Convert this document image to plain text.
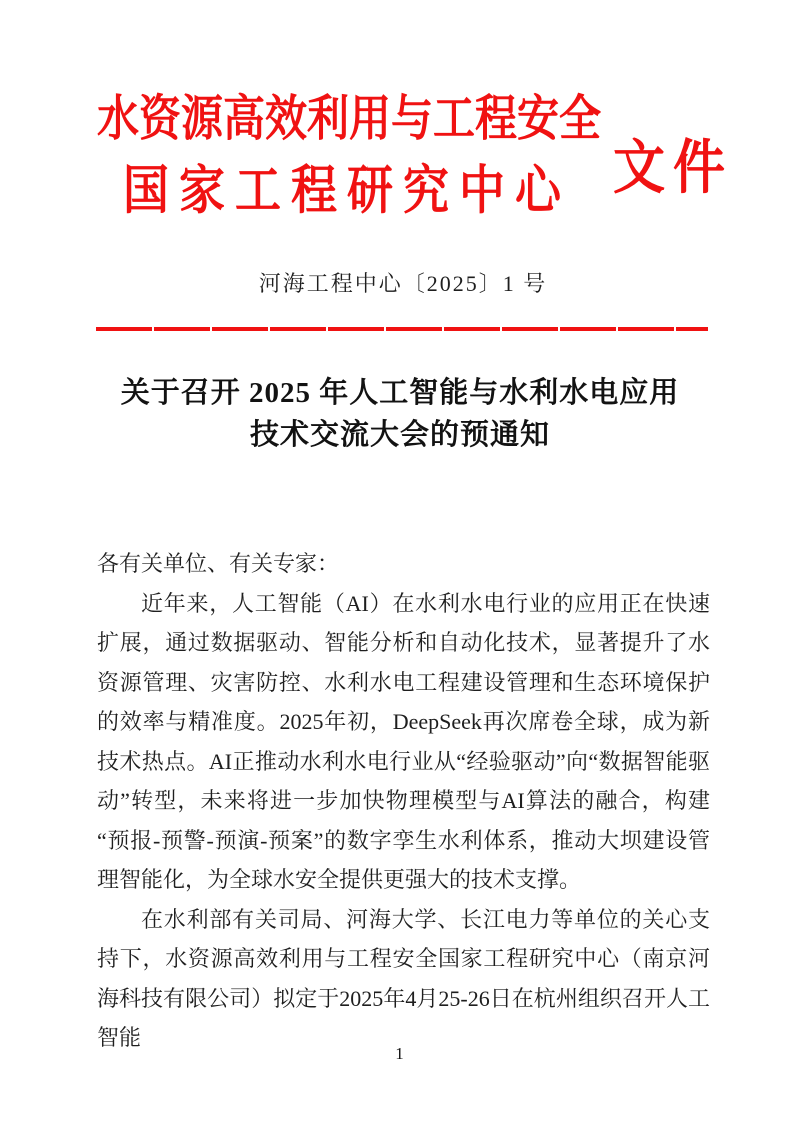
水资源高效利用与工程安全
国家工程研究中心 文件
河海工程中心〔2025〕1 号
关于召开 2025 年人工智能与水利水电应用
技术交流大会的预通知

各有关单位、有关专家：

近年来，人工智能（AI）在水利水电行业的应用正在快速扩展，通过数据驱动、智能分析和自动化技术，显著提升了水资源管理、灾害防控、水利水电工程建设管理和生态环境保护的效率与精准度。2025年初，DeepSeek再次席卷全球，成为新技术热点。AI正推动水利水电行业从“经验驱动”向“数据智能驱动”转型，未来将进一步加快物理模型与AI算法的融合，构建“预报-预警-预演-预案”的数字孪生水利体系，推动大坝建设管理智能化，为全球水安全提供更强大的技术支撑。

在水利部有关司局、河海大学、长江电力等单位的关心支持下，水资源高效利用与工程安全国家工程研究中心（南京河海科技有限公司）拟定于2025年4月25-26日在杭州组织召开人工智能

1
